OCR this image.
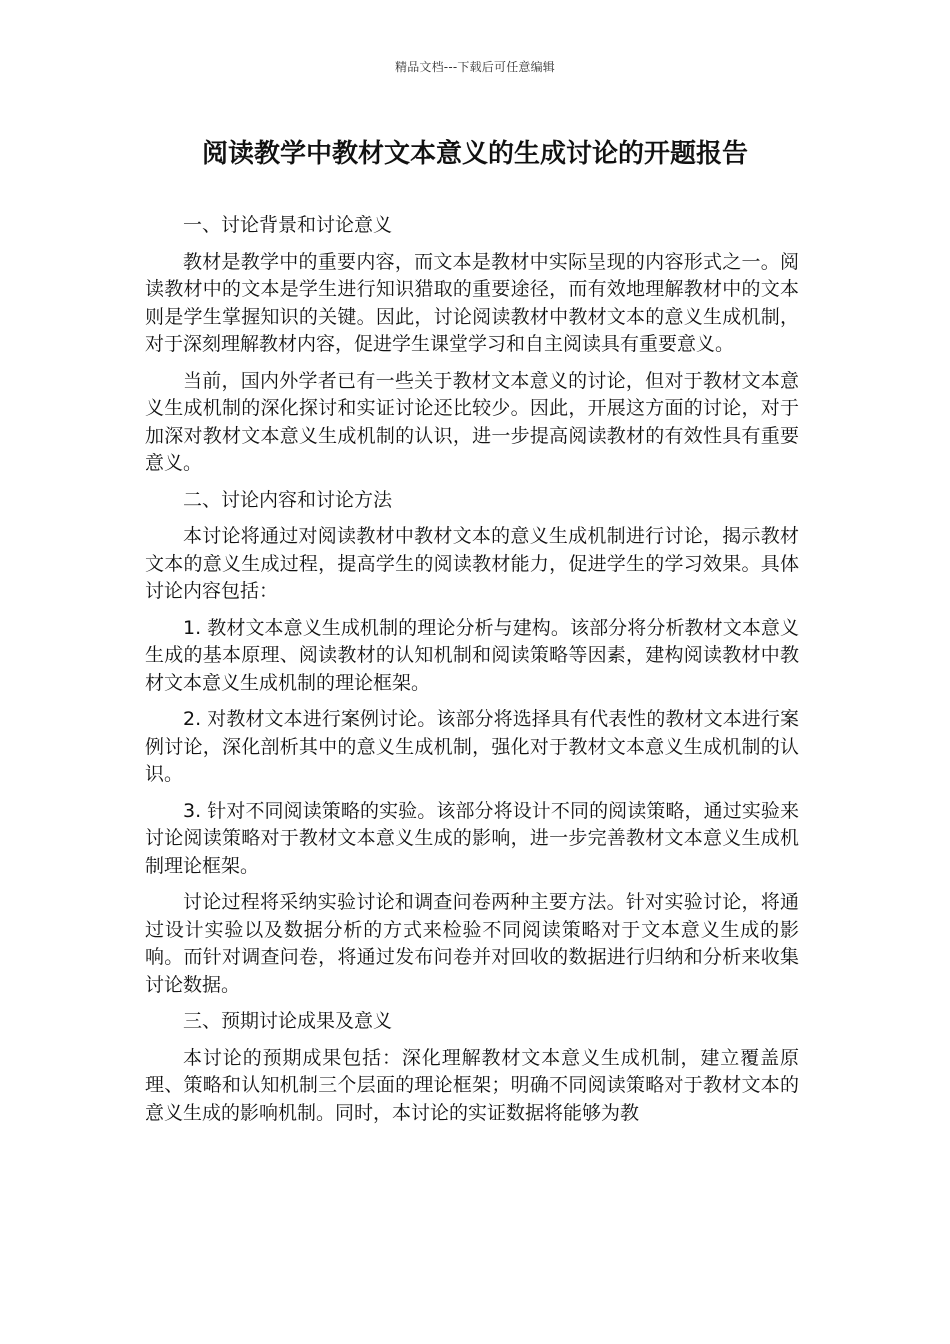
精品文档---下载后可任意编辑
阅读教学中教材文本意义的生成讨论的开题报告

一、讨论背景和讨论意义

教材是教学中的重要内容，而文本是教材中实际呈现的内容形式之一。阅读教材中的文本是学生进行知识猎取的重要途径，而有效地理解教材中的文本则是学生掌握知识的关键。因此，讨论阅读教材中教材文本的意义生成机制，对于深刻理解教材内容，促进学生课堂学习和自主阅读具有重要意义。

当前，国内外学者已有一些关于教材文本意义的讨论，但对于教材文本意义生成机制的深化探讨和实证讨论还比较少。因此，开展这方面的讨论，对于加深对教材文本意义生成机制的认识，进一步提高阅读教材的有效性具有重要意义。

二、讨论内容和讨论方法

本讨论将通过对阅读教材中教材文本的意义生成机制进行讨论，揭示教材文本的意义生成过程，提高学生的阅读教材能力，促进学生的学习效果。具体讨论内容包括：

1. 教材文本意义生成机制的理论分析与建构。该部分将分析教材文本意义生成的基本原理、阅读教材的认知机制和阅读策略等因素，建构阅读教材中教材文本意义生成机制的理论框架。

2. 对教材文本进行案例讨论。该部分将选择具有代表性的教材文本进行案例讨论，深化剖析其中的意义生成机制，强化对于教材文本意义生成机制的认识。

3. 针对不同阅读策略的实验。该部分将设计不同的阅读策略，通过实验来讨论阅读策略对于教材文本意义生成的影响，进一步完善教材文本意义生成机制理论框架。

讨论过程将采纳实验讨论和调查问卷两种主要方法。针对实验讨论，将通过设计实验以及数据分析的方式来检验不同阅读策略对于文本意义生成的影响。而针对调查问卷，将通过发布问卷并对回收的数据进行归纳和分析来收集讨论数据。

三、预期讨论成果及意义

本讨论的预期成果包括：深化理解教材文本意义生成机制，建立覆盖原理、策略和认知机制三个层面的理论框架；明确不同阅读策略对于教材文本的意义生成的影响机制。同时，本讨论的实证数据将能够为教
